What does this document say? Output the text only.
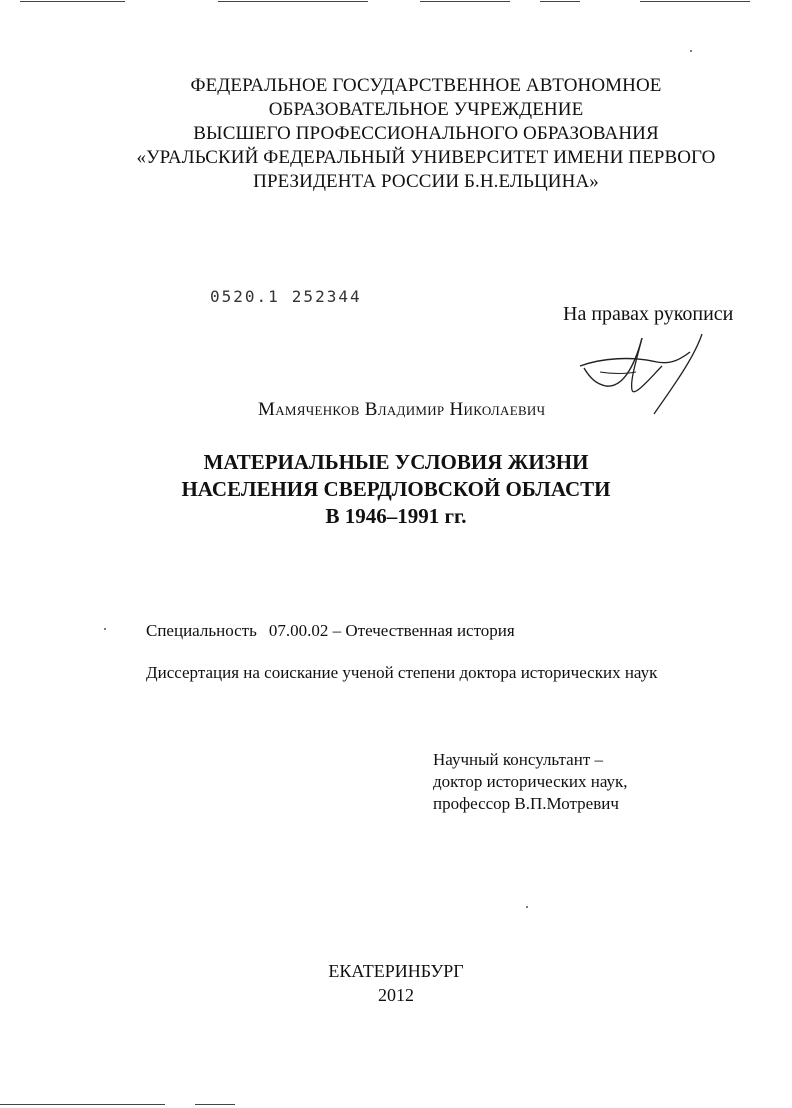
ФЕДЕРАЛЬНОЕ ГОСУДАРСТВЕННОЕ АВТОНОМНОЕ
ОБРАЗОВАТЕЛЬНОЕ УЧРЕЖДЕНИЕ
ВЫСШЕГО ПРОФЕССИОНАЛЬНОГО ОБРАЗОВАНИЯ
«УРАЛЬСКИЙ ФЕДЕРАЛЬНЫЙ УНИВЕРСИТЕТ ИМЕНИ ПЕРВОГО
ПРЕЗИДЕНТА РОССИИ Б.Н.ЕЛЬЦИНА»
0520.1 252344
На правах рукописи
Мамяченков Владимир Николаевич
МАТЕРИАЛЬНЫЕ УСЛОВИЯ ЖИЗНИ
НАСЕЛЕНИЯ СВЕРДЛОВСКОЙ ОБЛАСТИ
В 1946–1991 гг.
Специальность 07.00.02 – Отечественная история
Диссертация на соискание ученой степени доктора исторических наук
Научный консультант –
доктор исторических наук,
профессор В.П.Мотревич
ЕКАТЕРИНБУРГ
2012
